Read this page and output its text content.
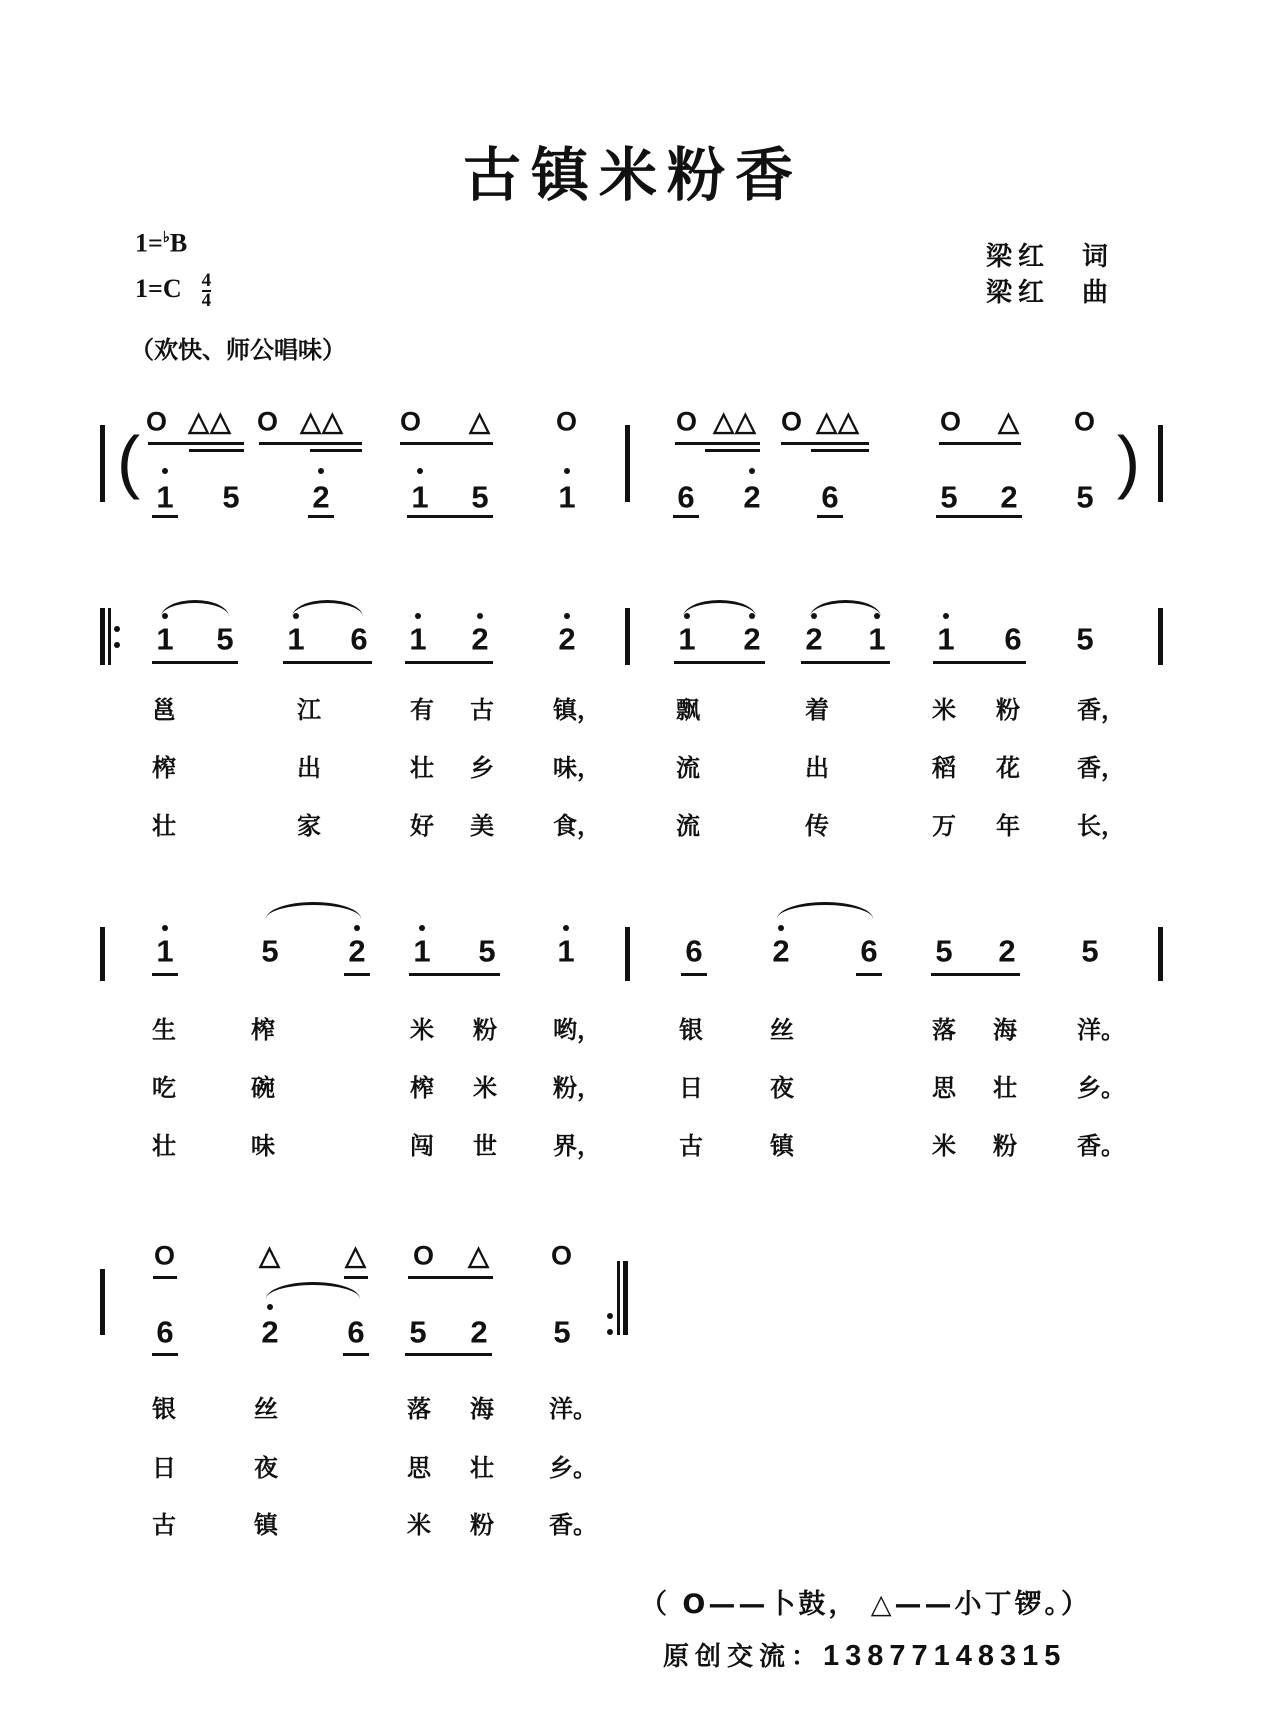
古镇米粉香
1=♭B
$1=C \frac{4}{4}$
（欢快、师公唱味）
梁红　词
梁红　曲
(	)
O △△ O △△ O △ O	O △△ O △△	O △ O
1 5 2	1 5 1	6 2 6	5 2 5
1 5 1 6 1 2 2	1 2 2 1 1 6 5
邕	江	有 古 镇，	飘	着	米 粉 香，
榨	出	壮 乡 味，	流	出	稻 花 香，
壮	家	好 美 食，	流	传	万 年 长，
1	5 2 1 5 1	6 2 6 5 2 5
生	榨	米 粉 哟，	银	丝	落 海	洋。
吃	碗	榨 米 粉，	日	夜	思 壮	乡。
壮	味	闯 世 界，	古	镇	米 粉	香。
O	△ △ O △ O
6	2 6 5 2 5
银	丝	落 海 洋。
日	夜	思 壮 乡。
古	镇	米 粉 香。
（ O——卜鼓， △——小丁锣。）
原创交流：13877148315
